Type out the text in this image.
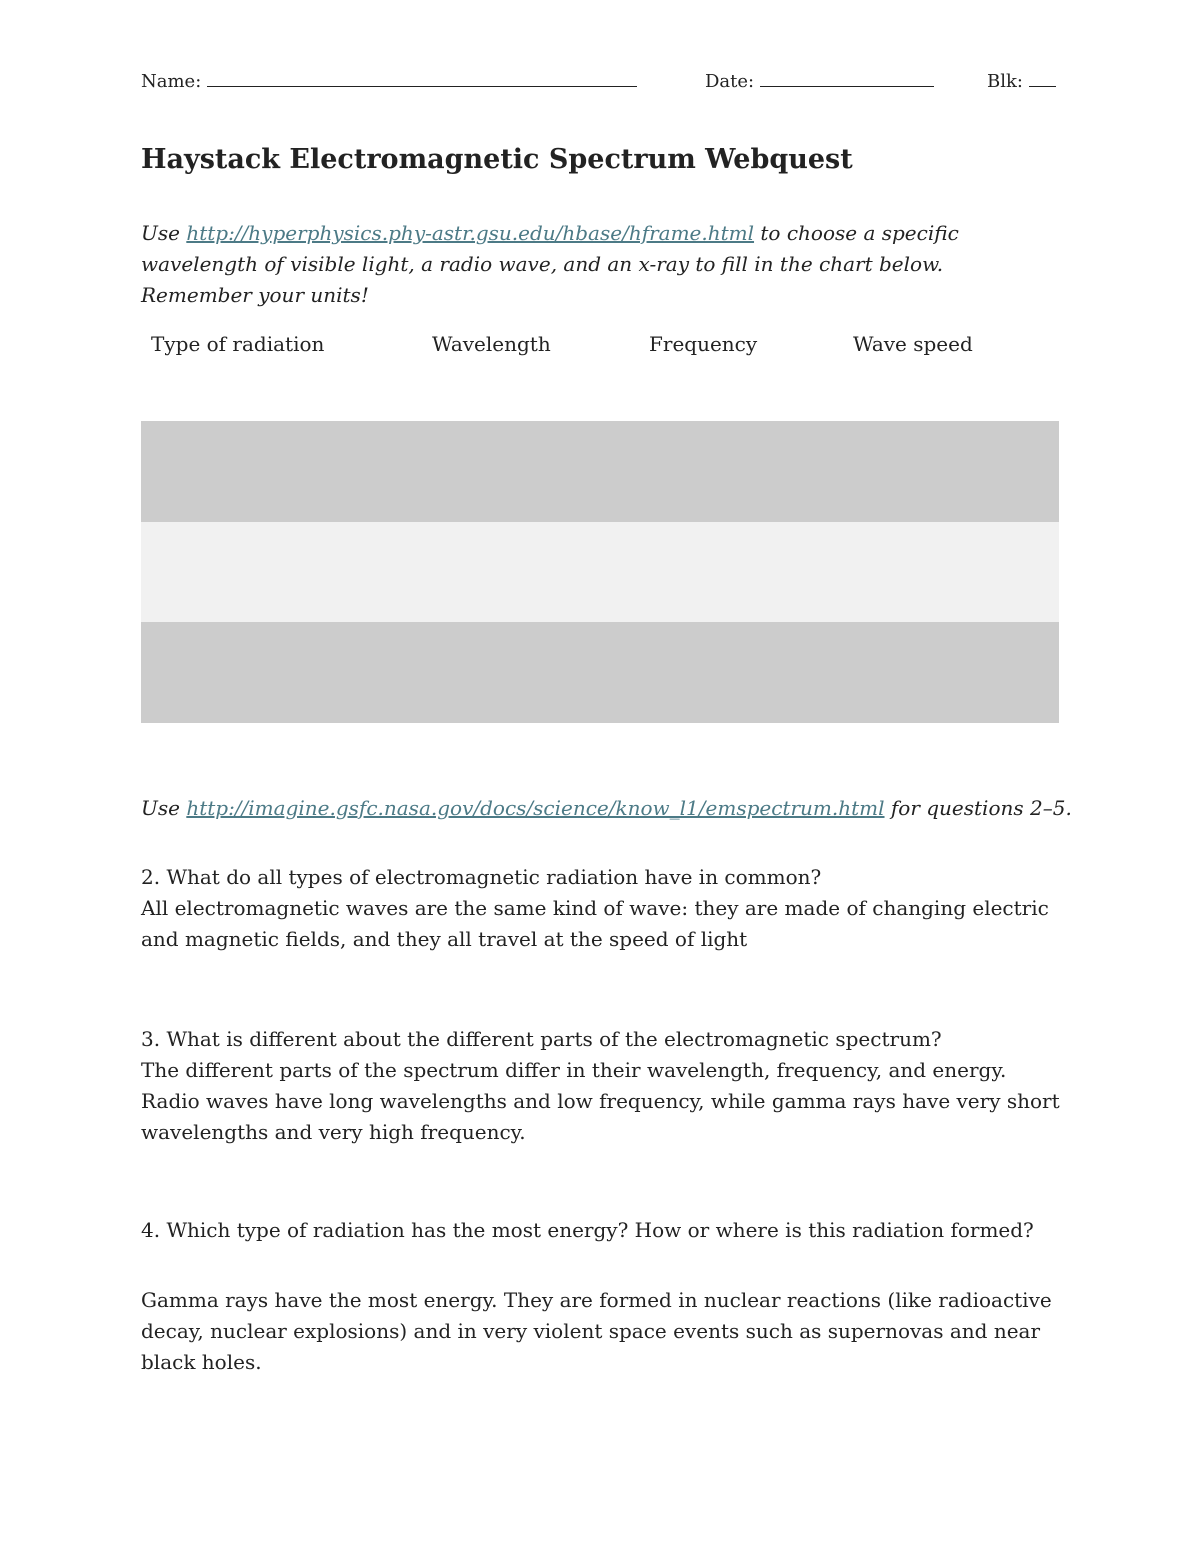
Name:	Date:	Blk:
Haystack Electromagnetic Spectrum Webquest
Use http://hyperphysics.phy-astr.gsu.edu/hbase/hframe.html to choose a specific wavelength of visible light, a radio wave, and an x-ray to fill in the chart below. Remember your units!
Type of radiation	Wavelength	Frequency	Wave speed
Use http://imagine.gsfc.nasa.gov/docs/science/know_l1/emspectrum.html for questions 2–5.
2. What do all types of electromagnetic radiation have in common?
All electromagnetic waves are the same kind of wave: they are made of changing electric and magnetic fields, and they all travel at the speed of light
3. What is different about the different parts of the electromagnetic spectrum?
The different parts of the spectrum differ in their wavelength, frequency, and energy. Radio waves have long wavelengths and low frequency, while gamma rays have very short wavelengths and very high frequency.
4. Which type of radiation has the most energy? How or where is this radiation formed?
Gamma rays have the most energy. They are formed in nuclear reactions (like radioactive decay, nuclear explosions) and in very violent space events such as supernovas and near black holes.
